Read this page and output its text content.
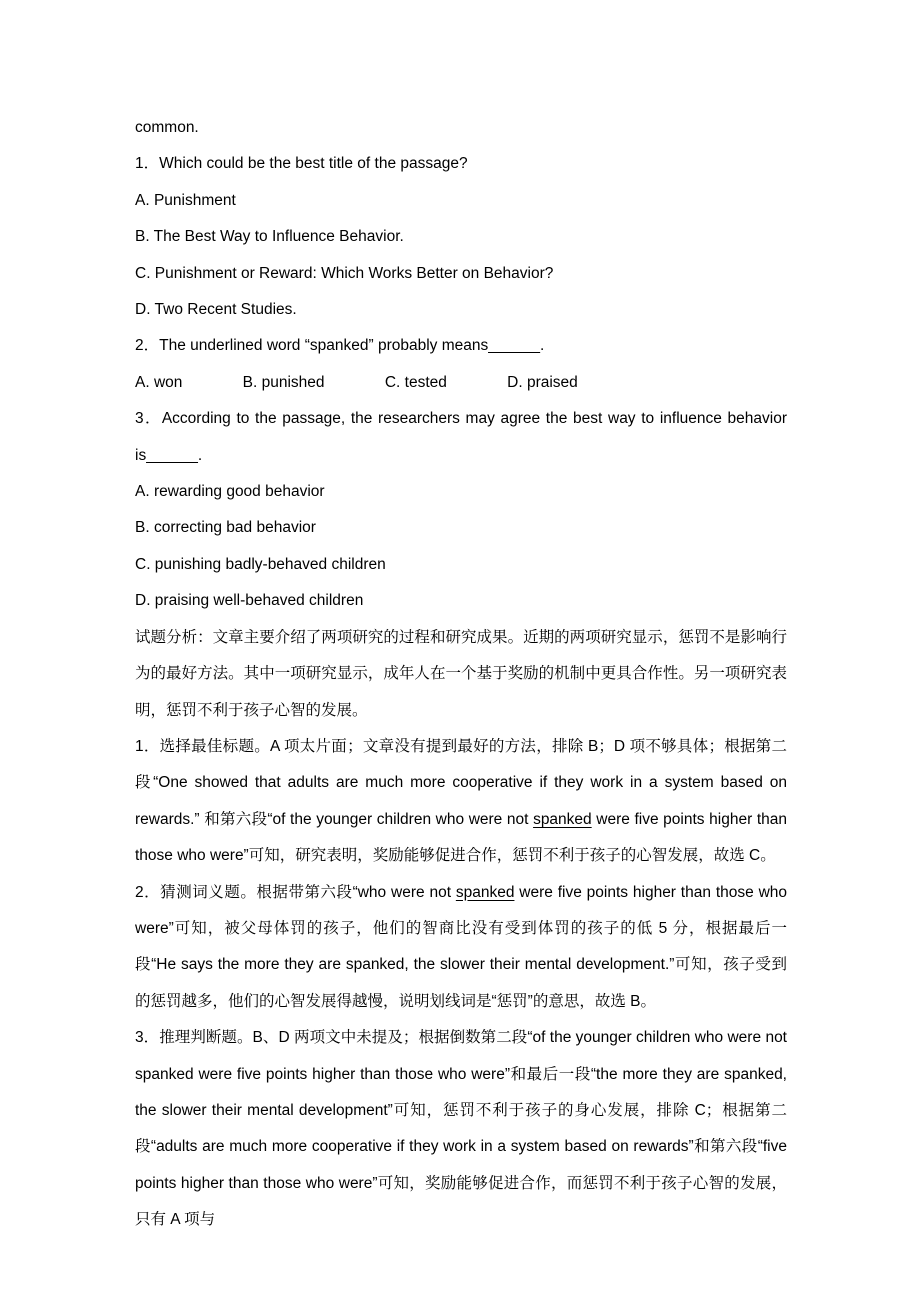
common.

1．Which could be the best title of the passage?

A. Punishment

B. The Best Way to Influence Behavior.

C. Punishment or Reward: Which Works Better on Behavior?

D. Two Recent Studies.

2．The underlined word “spanked” probably means______.

A. won              B. punished              C. tested              D. praised

3．According to the passage, the researchers may agree the best way to influence behavior is______.

A. rewarding good behavior

B. correcting bad behavior

C. punishing badly-behaved children

D. praising well-behaved children

试题分析：文章主要介绍了两项研究的过程和研究成果。近期的两项研究显示，惩罚不是影响行为的最好方法。其中一项研究显示，成年人在一个基于奖励的机制中更具合作性。另一项研究表明，惩罚不利于孩子心智的发展。

1．选择最佳标题。A 项太片面；文章没有提到最好的方法，排除 B；D 项不够具体；根据第二段“One showed that adults are much more cooperative if they work in a system based on rewards.” 和第六段“of the younger children who were not spanked were five points higher than those who were”可知，研究表明，奖励能够促进合作，惩罚不利于孩子的心智发展，故选 C。

2．猜测词义题。根据带第六段“who were not spanked were five points higher than those who were”可知，被父母体罚的孩子，他们的智商比没有受到体罚的孩子的低 5 分，根据最后一段“He says the more they are spanked, the slower their mental development.”可知，孩子受到的惩罚越多，他们的心智发展得越慢，说明划线词是“惩罚”的意思，故选 B。

3．推理判断题。B、D 两项文中未提及；根据倒数第二段“of the younger children who were not spanked were five points higher than those who were”和最后一段“the more they are spanked, the slower their mental development”可知，惩罚不利于孩子的身心发展，排除 C；根据第二段“adults are much more cooperative if they work in a system based on rewards”和第六段“five points higher than those who were”可知，奖励能够促进合作，而惩罚不利于孩子心智的发展，只有 A 项与
